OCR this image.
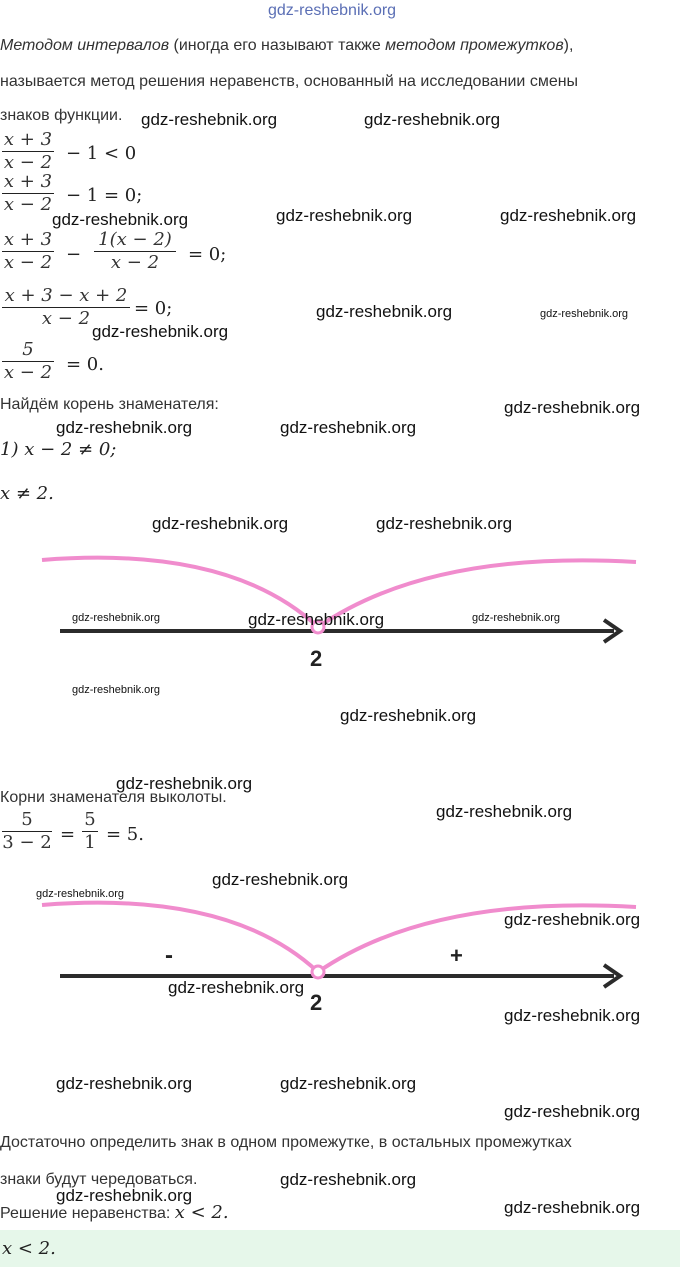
gdz-reshebnik.org
Методом интервалов (иногда его называют также методом промежутков),
называется метод решения неравенств, основанный на исследовании смены
знаков функции.
x + 3
x − 2 − 1 < 0
x + 3
x − 2 − 1 = 0;
x + 3
x − 2 −
1(x − 2)
x − 2	= 0;
x + 3 − x + 2
x − 2	= 0;
5
x − 2 = 0.
Найдём корень знаменателя:
1) x − 2 ≠ 0;
x ≠ 2.
2
Корни знаменателя выколоты.
5
3 − 2 =
5
1 = 5.
2
-	+
Достаточно определить знак в одном промежутке, в остальных промежутках
знаки будут чередоваться.
Решение неравенства: x < 2.
x < 2.
gdz-reshebnik.org	gdz-reshebnik.org
gdz-reshebnik.org	gdz-reshebnik.org	gdz-reshebnik.org
gdz-reshebnik.org	gdz-reshebnik.org
gdz-reshebnik.org
gdz-reshebnik.org
gdz-reshebnik.org	gdz-reshebnik.org
gdz-reshebnik.org	gdz-reshebnik.org
gdz-reshebnik.org	gdz-reshebnik.org	gdz-reshebnik.org
gdz-reshebnik.org
gdz-reshebnik.org
gdz-reshebnik.org
gdz-reshebnik.org
gdz-reshebnik.org
gdz-reshebnik.org
gdz-reshebnik.org
gdz-reshebnik.org
gdz-reshebnik.org
gdz-reshebnik.org	gdz-reshebnik.org
gdz-reshebnik.org
gdz-reshebnik.org
gdz-reshebnik.org
gdz-reshebnik.org
